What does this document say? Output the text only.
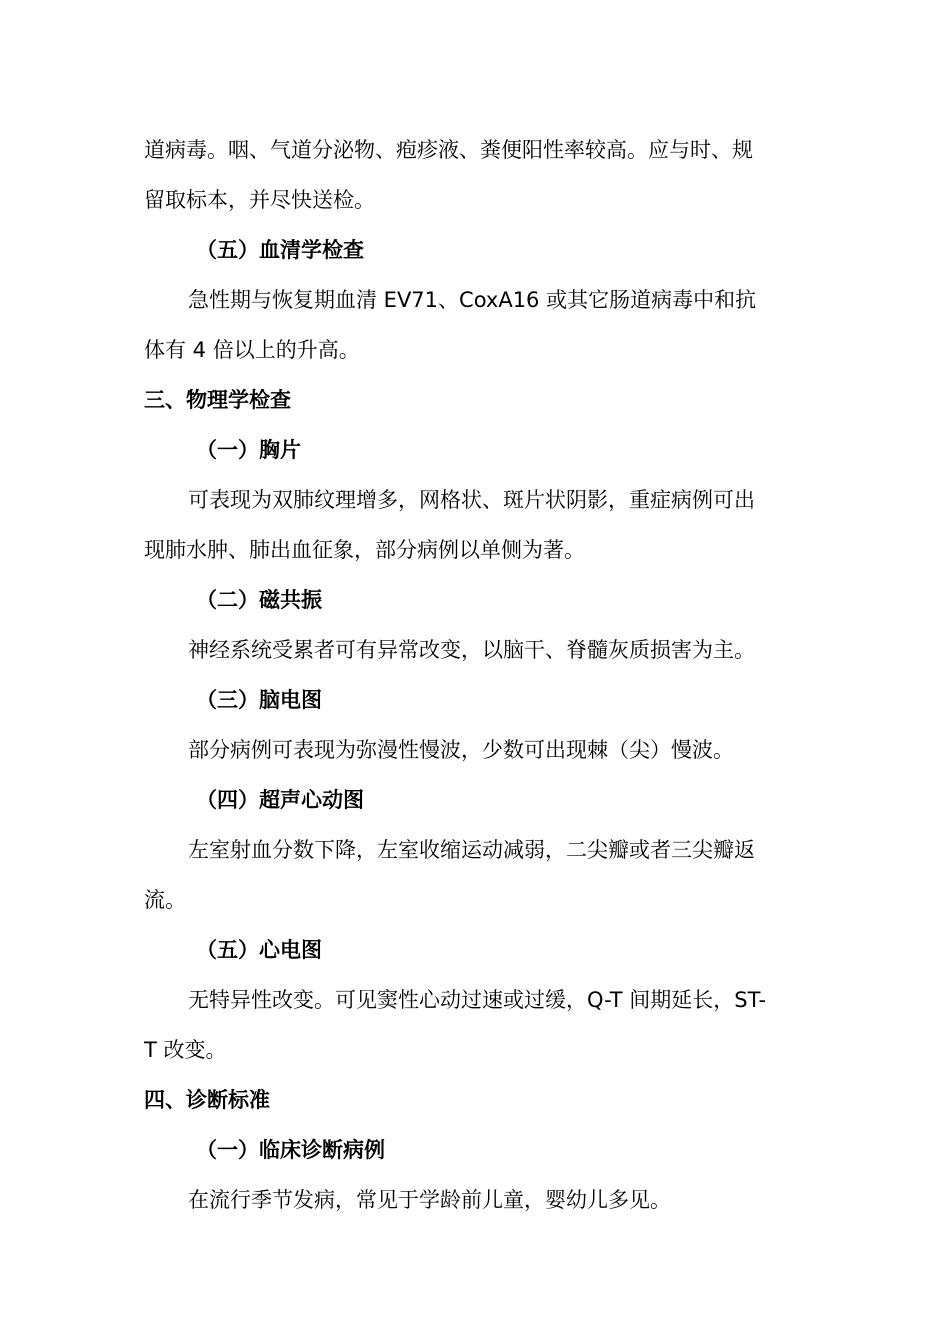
道病毒。咽、气道分泌物、疱疹液、粪便阳性率较高。应与时、规
留取标本，并尽快送检。
（五）血清学检查
急性期与恢复期血清 EV71、CoxA16 或其它肠道病毒中和抗
体有 4 倍以上的升高。
三、物理学检查
（一）胸片
可表现为双肺纹理增多，网格状、斑片状阴影，重症病例可出
现肺水肿、肺出血征象，部分病例以单侧为著。
（二）磁共振
神经系统受累者可有异常改变，以脑干、脊髓灰质损害为主。
（三）脑电图
部分病例可表现为弥漫性慢波，少数可出现棘（尖）慢波。
（四）超声心动图
左室射血分数下降，左室收缩运动减弱，二尖瓣或者三尖瓣返
流。
（五）心电图
无特异性改变。可见窦性心动过速或过缓，Q-T 间期延长，ST-
T 改变。
四、诊断标准
（一）临床诊断病例
在流行季节发病，常见于学龄前儿童，婴幼儿多见。
